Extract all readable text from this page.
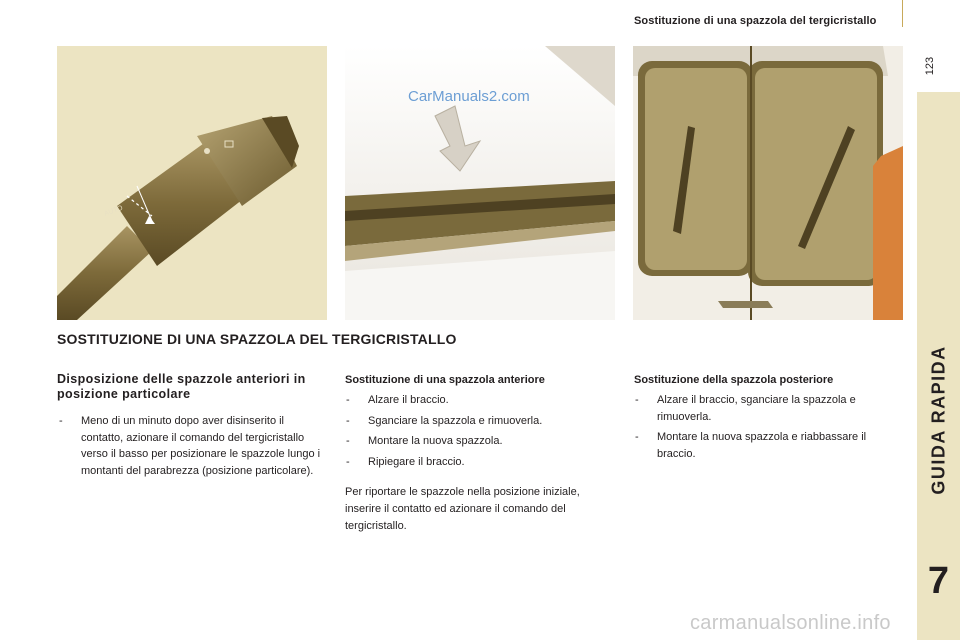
Sostituzione di una spazzola del tergicristallo
123
GUIDA RAPIDA
7
AUTO
CarManuals2.com
SOSTITUZIONE DI UNA SPAZZOLA DEL TERGICRISTALLO
Disposizione delle spazzole anteriori in posizione particolare
- Meno di un minuto dopo aver disinserito il contatto, azionare il comando del tergicristallo verso il basso per posizionare le spazzole lungo i montanti del parabrezza (posizione particolare).
Sostituzione di una spazzola anteriore
- Alzare il braccio.
- Sganciare la spazzola e rimuoverla.
- Montare la nuova spazzola.
- Ripiegare il braccio.
Per riportare le spazzole nella posizione iniziale, inserire il contatto ed azionare il comando del tergicristallo.
Sostituzione della spazzola posteriore
- Alzare il braccio, sganciare la spazzola e rimuoverla.
- Montare la nuova spazzola e riabbassare il braccio.
carmanualsonline.info
